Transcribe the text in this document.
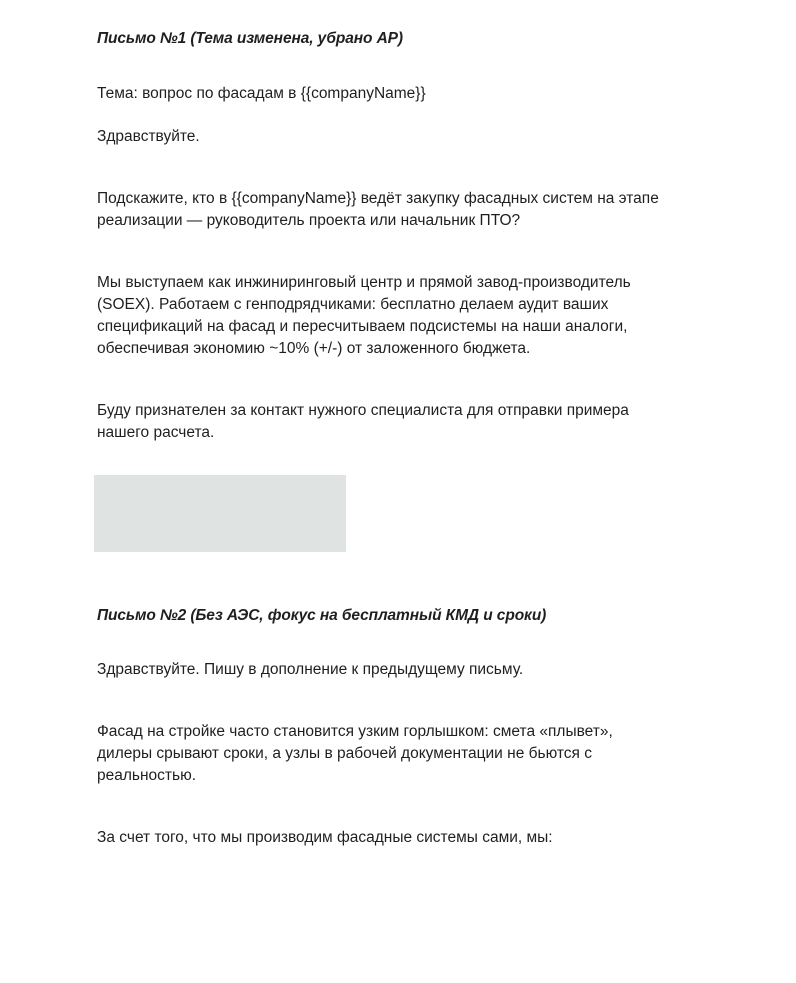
Письмо №1 (Тема изменена, убрано АР)

Тема: вопрос по фасадам в {{companyName}}

Здравствуйте.

Подскажите, кто в {{companyName}} ведёт закупку фасадных систем на этапе
реализации — руководитель проекта или начальник ПТО?

Мы выступаем как инжиниринговый центр и прямой завод-производитель
(SOEX). Работаем с генподрядчиками: бесплатно делаем аудит ваших
спецификаций на фасад и пересчитываем подсистемы на наши аналоги,
обеспечивая экономию ~10% (+/-) от заложенного бюджета.

Буду признателен за контакт нужного специалиста для отправки примера
нашего расчета.

Письмо №2 (Без АЭС, фокус на бесплатный КМД и сроки)

Здравствуйте. Пишу в дополнение к предыдущему письму.

Фасад на стройке часто становится узким горлышком: смета «плывет»,
дилеры срывают сроки, а узлы в рабочей документации не бьются с
реальностью.

За счет того, что мы производим фасадные системы сами, мы:
